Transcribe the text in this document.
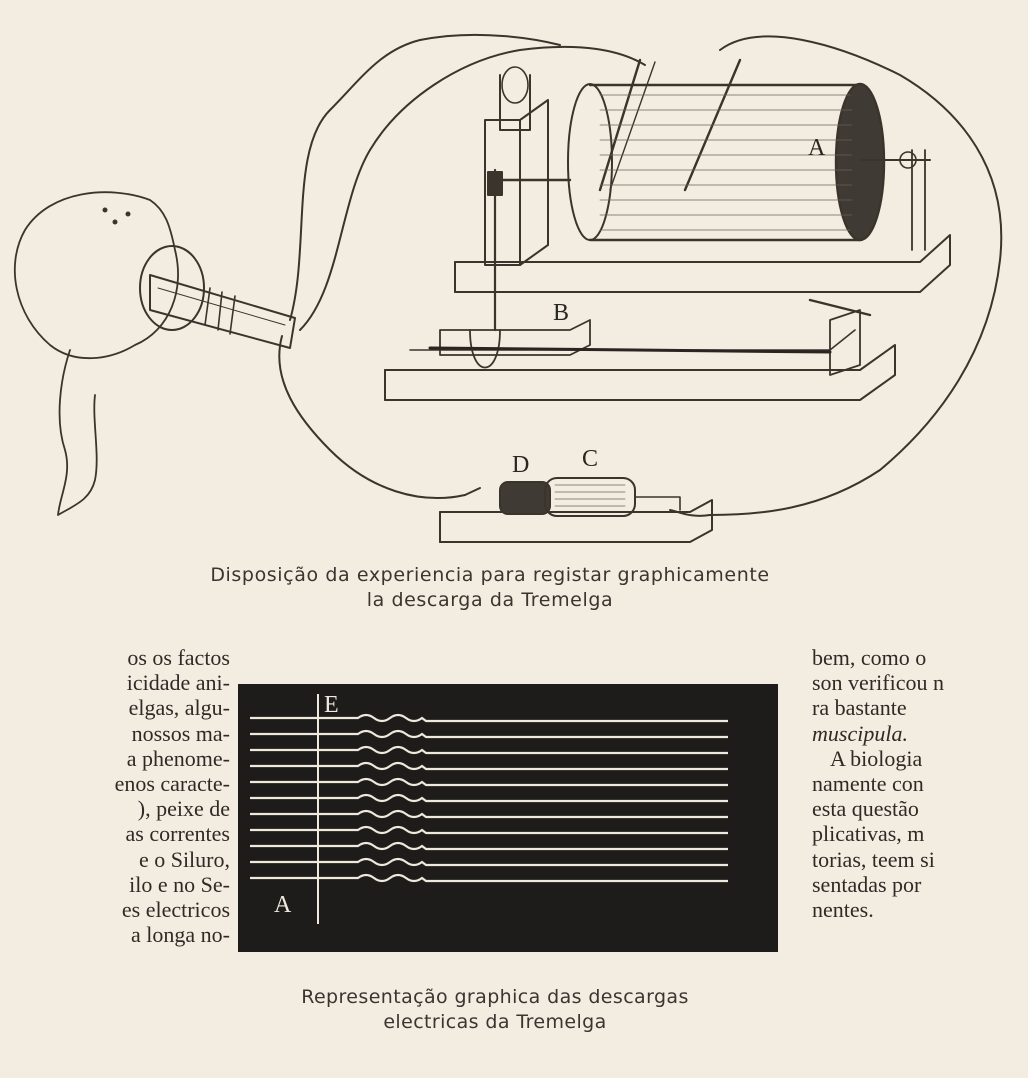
A
B
C
D
Disposição da experiencia para registar graphicamente
la descarga da Tremelga
os os factos
icidade ani-
elgas, algu-
nossos ma-
a phenome-
enos caracte-
), peixe de
as correntes
e o Siluro,
ilo e no Se-
es electricos
a longa no-
E
A
Representação graphica das descargas
electricas da Tremelga
bem, como o
son verificou n
ra bastante
muscipula.
A biologia
namente con
esta questão
plicativas, m
torias, teem si
sentadas por
nentes.
